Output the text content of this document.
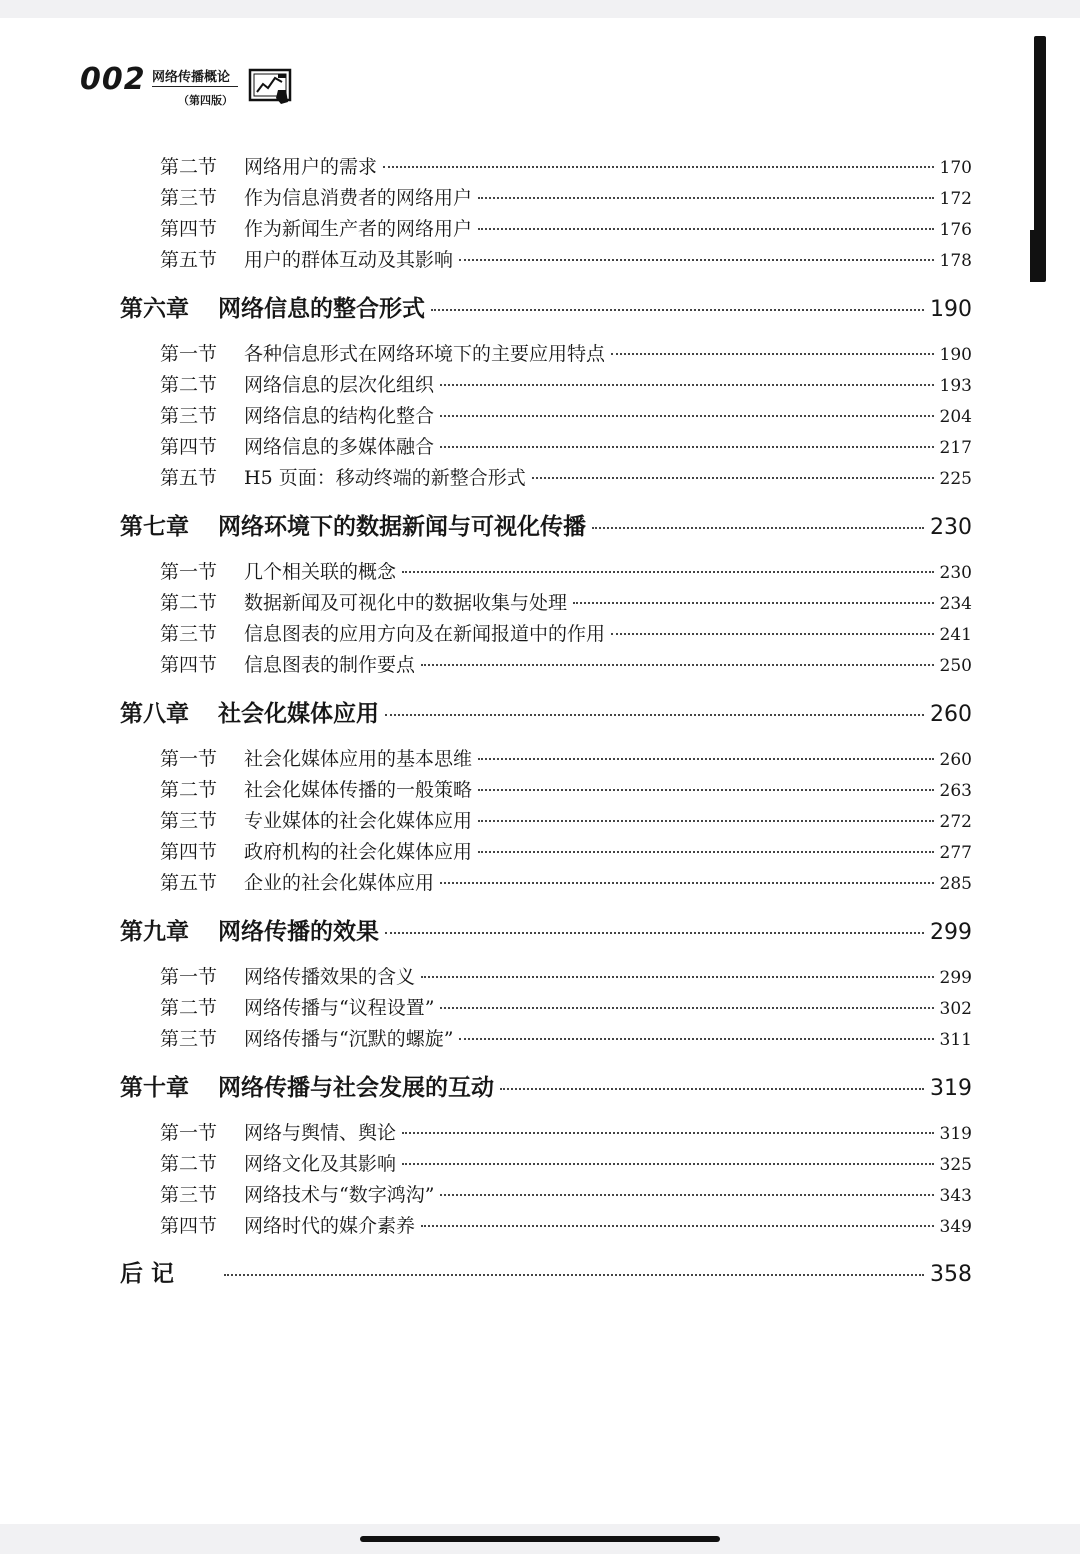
002 网络传播概论
（第四版）
第二节	网络用户的需求	170
第三节	作为信息消费者的网络用户	172
第四节	作为新闻生产者的网络用户	176
第五节	用户的群体互动及其影响	178
第六章	网络信息的整合形式	190
第一节	各种信息形式在网络环境下的主要应用特点	190
第二节	网络信息的层次化组织	193
第三节	网络信息的结构化整合	204
第四节	网络信息的多媒体融合	217
第五节	H5 页面：移动终端的新整合形式	225
第七章	网络环境下的数据新闻与可视化传播	230
第一节	几个相关联的概念	230
第二节	数据新闻及可视化中的数据收集与处理	234
第三节	信息图表的应用方向及在新闻报道中的作用	241
第四节	信息图表的制作要点	250
第八章	社会化媒体应用	260
第一节	社会化媒体应用的基本思维	260
第二节	社会化媒体传播的一般策略	263
第三节	专业媒体的社会化媒体应用	272
第四节	政府机构的社会化媒体应用	277
第五节	企业的社会化媒体应用	285
第九章	网络传播的效果	299
第一节	网络传播效果的含义	299
第二节	网络传播与“议程设置”	302
第三节	网络传播与“沉默的螺旋”	311
第十章	网络传播与社会发展的互动	319
第一节	网络与舆情、舆论	319
第二节	网络文化及其影响	325
第三节	网络技术与“数字鸿沟”	343
第四节	网络时代的媒介素养	349
后 记	358
